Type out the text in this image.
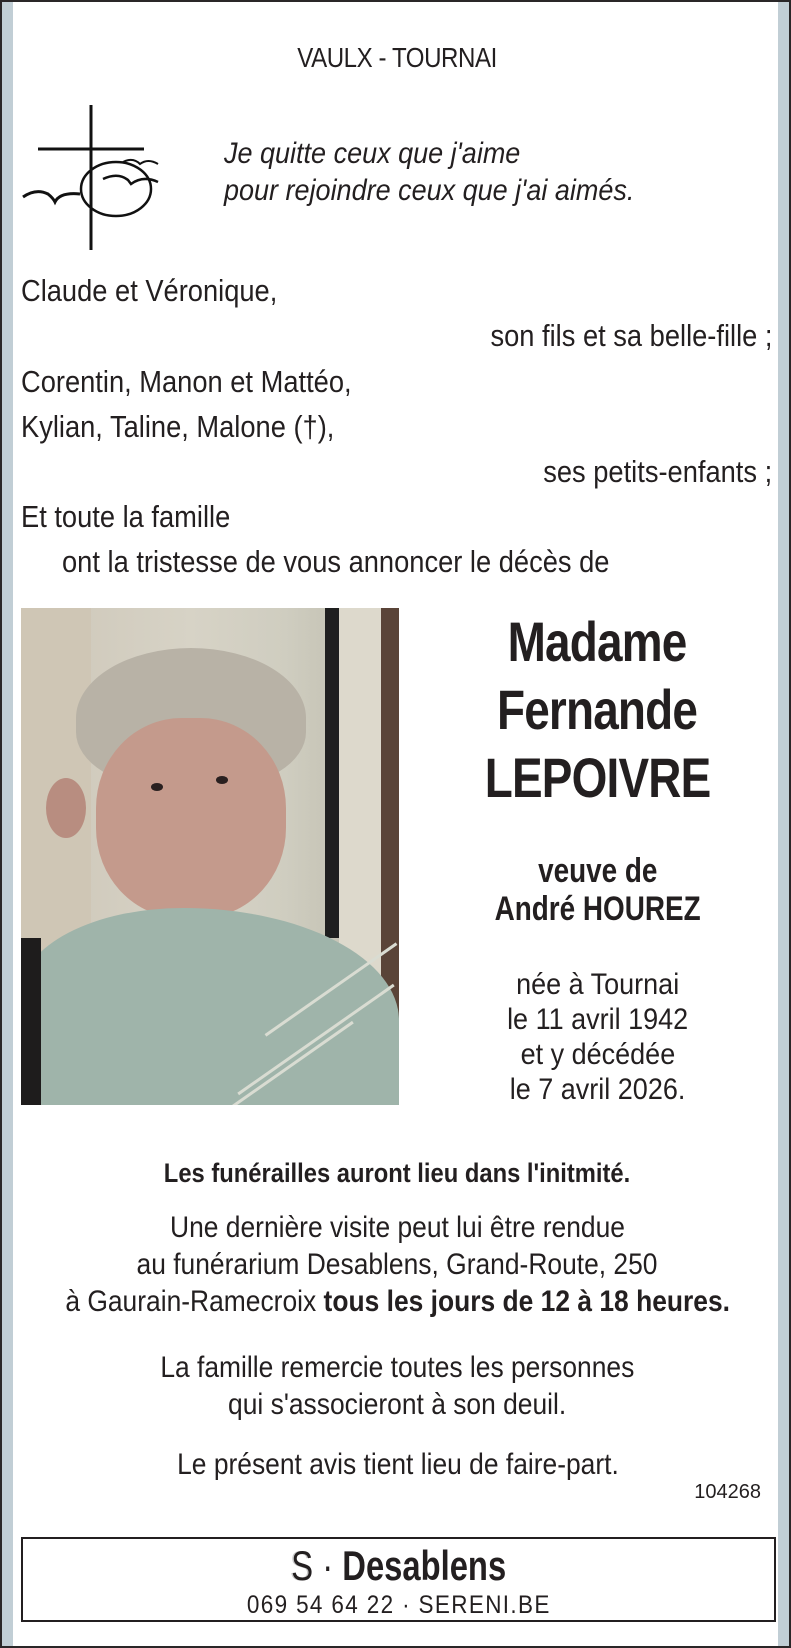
VAULX - TOURNAI
Je quitte ceux que j'aime
pour rejoindre ceux que j'ai aimés.
Claude et Véronique,
son fils et sa belle-fille ;
Corentin, Manon et Mattéo,
Kylian, Taline, Malone (†),
ses petits-enfants ;
Et toute la famille
ont la tristesse de vous annoncer le décès de
Madame
Fernande
LEPOIVRE
veuve de
André HOUREZ
née à Tournai
le 11 avril 1942
et y décédée
le 7 avril 2026.
Les funérailles auront lieu dans l'initmité.
Une dernière visite peut lui être rendue
au funérarium Desablens, Grand-Route, 250
à Gaurain-Ramecroix tous les jours de 12 à 18 heures.
La famille remercie toutes les personnes
qui s'associeront à son deuil.
Le présent avis tient lieu de faire-part.
104268
S · Desablens
069 54 64 22 · SERENI.BE
